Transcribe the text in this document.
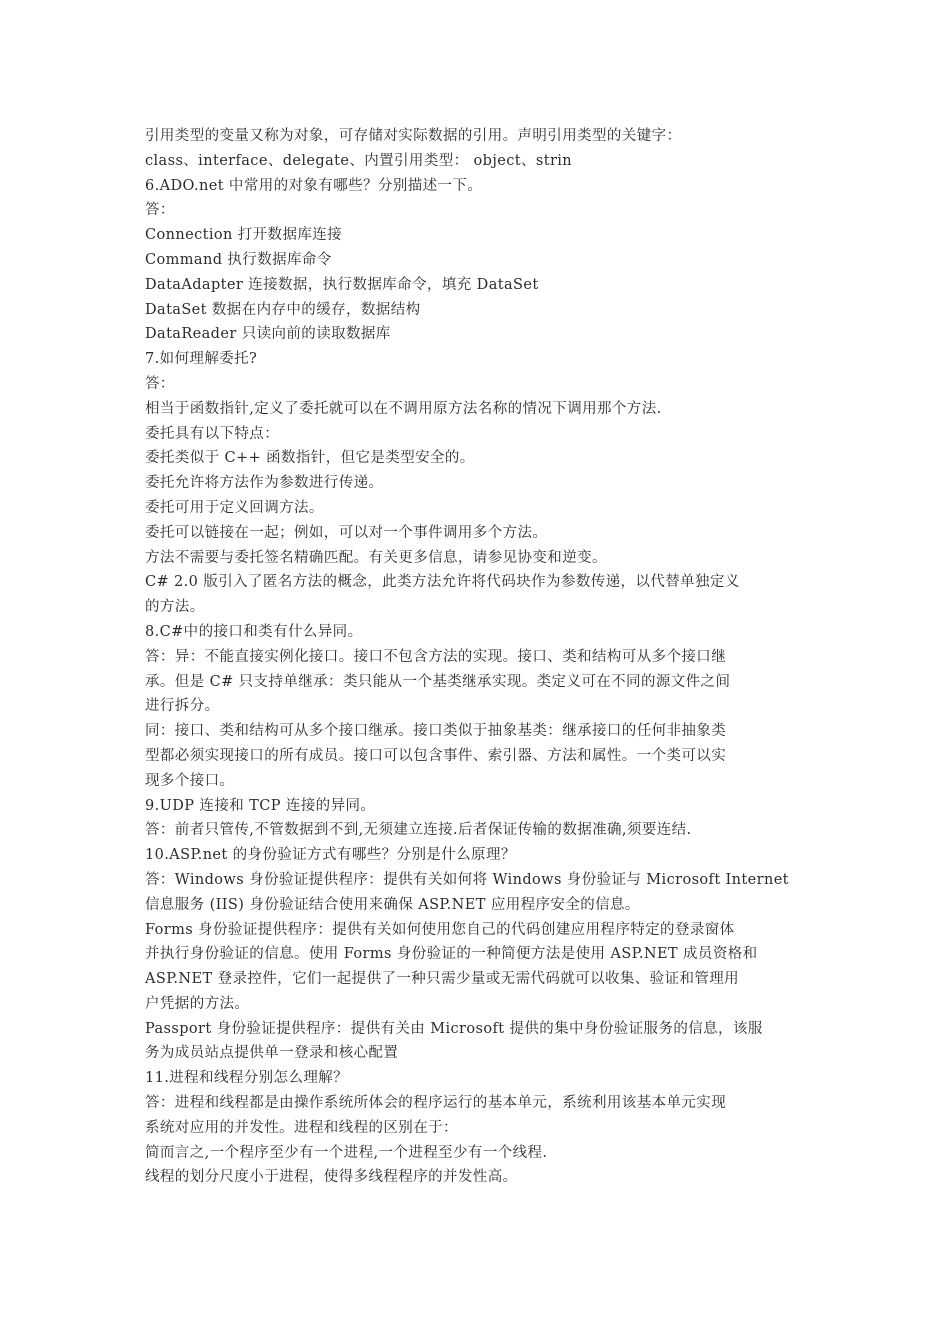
引用类型的变量又称为对象，可存储对实际数据的引用。声明引用类型的关键字：
class、interface、delegate、内置引用类型： object、strin
6.ADO.net 中常用的对象有哪些？分别描述一下。
答：
Connection 打开数据库连接
Command 执行数据库命令
DataAdapter 连接数据，执行数据库命令，填充 DataSet
DataSet 数据在内存中的缓存，数据结构
DataReader 只读向前的读取数据库
7.如何理解委托?
答：
相当于函数指针,定义了委托就可以在不调用原方法名称的情况下调用那个方法.
委托具有以下特点：
委托类似于 C++ 函数指针，但它是类型安全的。
委托允许将方法作为参数进行传递。
委托可用于定义回调方法。
委托可以链接在一起；例如，可以对一个事件调用多个方法。
方法不需要与委托签名精确匹配。有关更多信息，请参见协变和逆变。
C# 2.0 版引入了匿名方法的概念，此类方法允许将代码块作为参数传递，以代替单独定义
的方法。
8.C#中的接口和类有什么异同。
答：异：不能直接实例化接口。接口不包含方法的实现。接口、类和结构可从多个接口继
承。但是 C# 只支持单继承：类只能从一个基类继承实现。类定义可在不同的源文件之间
进行拆分。
同：接口、类和结构可从多个接口继承。接口类似于抽象基类：继承接口的任何非抽象类
型都必须实现接口的所有成员。接口可以包含事件、索引器、方法和属性。一个类可以实
现多个接口。
9.UDP 连接和 TCP 连接的异同。
答：前者只管传,不管数据到不到,无须建立连接.后者保证传输的数据准确,须要连结.
10.ASP.net 的身份验证方式有哪些？分别是什么原理？
答：Windows 身份验证提供程序：提供有关如何将 Windows 身份验证与 Microsoft Internet
信息服务 (IIS) 身份验证结合使用来确保 ASP.NET 应用程序安全的信息。
Forms 身份验证提供程序：提供有关如何使用您自己的代码创建应用程序特定的登录窗体
并执行身份验证的信息。使用 Forms 身份验证的一种简便方法是使用 ASP.NET 成员资格和
ASP.NET 登录控件，它们一起提供了一种只需少量或无需代码就可以收集、验证和管理用
户凭据的方法。
Passport 身份验证提供程序：提供有关由 Microsoft 提供的集中身份验证服务的信息，该服
务为成员站点提供单一登录和核心配置
11.进程和线程分别怎么理解？
答：进程和线程都是由操作系统所体会的程序运行的基本单元，系统利用该基本单元实现
系统对应用的并发性。进程和线程的区别在于：
简而言之,一个程序至少有一个进程,一个进程至少有一个线程.
线程的划分尺度小于进程，使得多线程程序的并发性高。
